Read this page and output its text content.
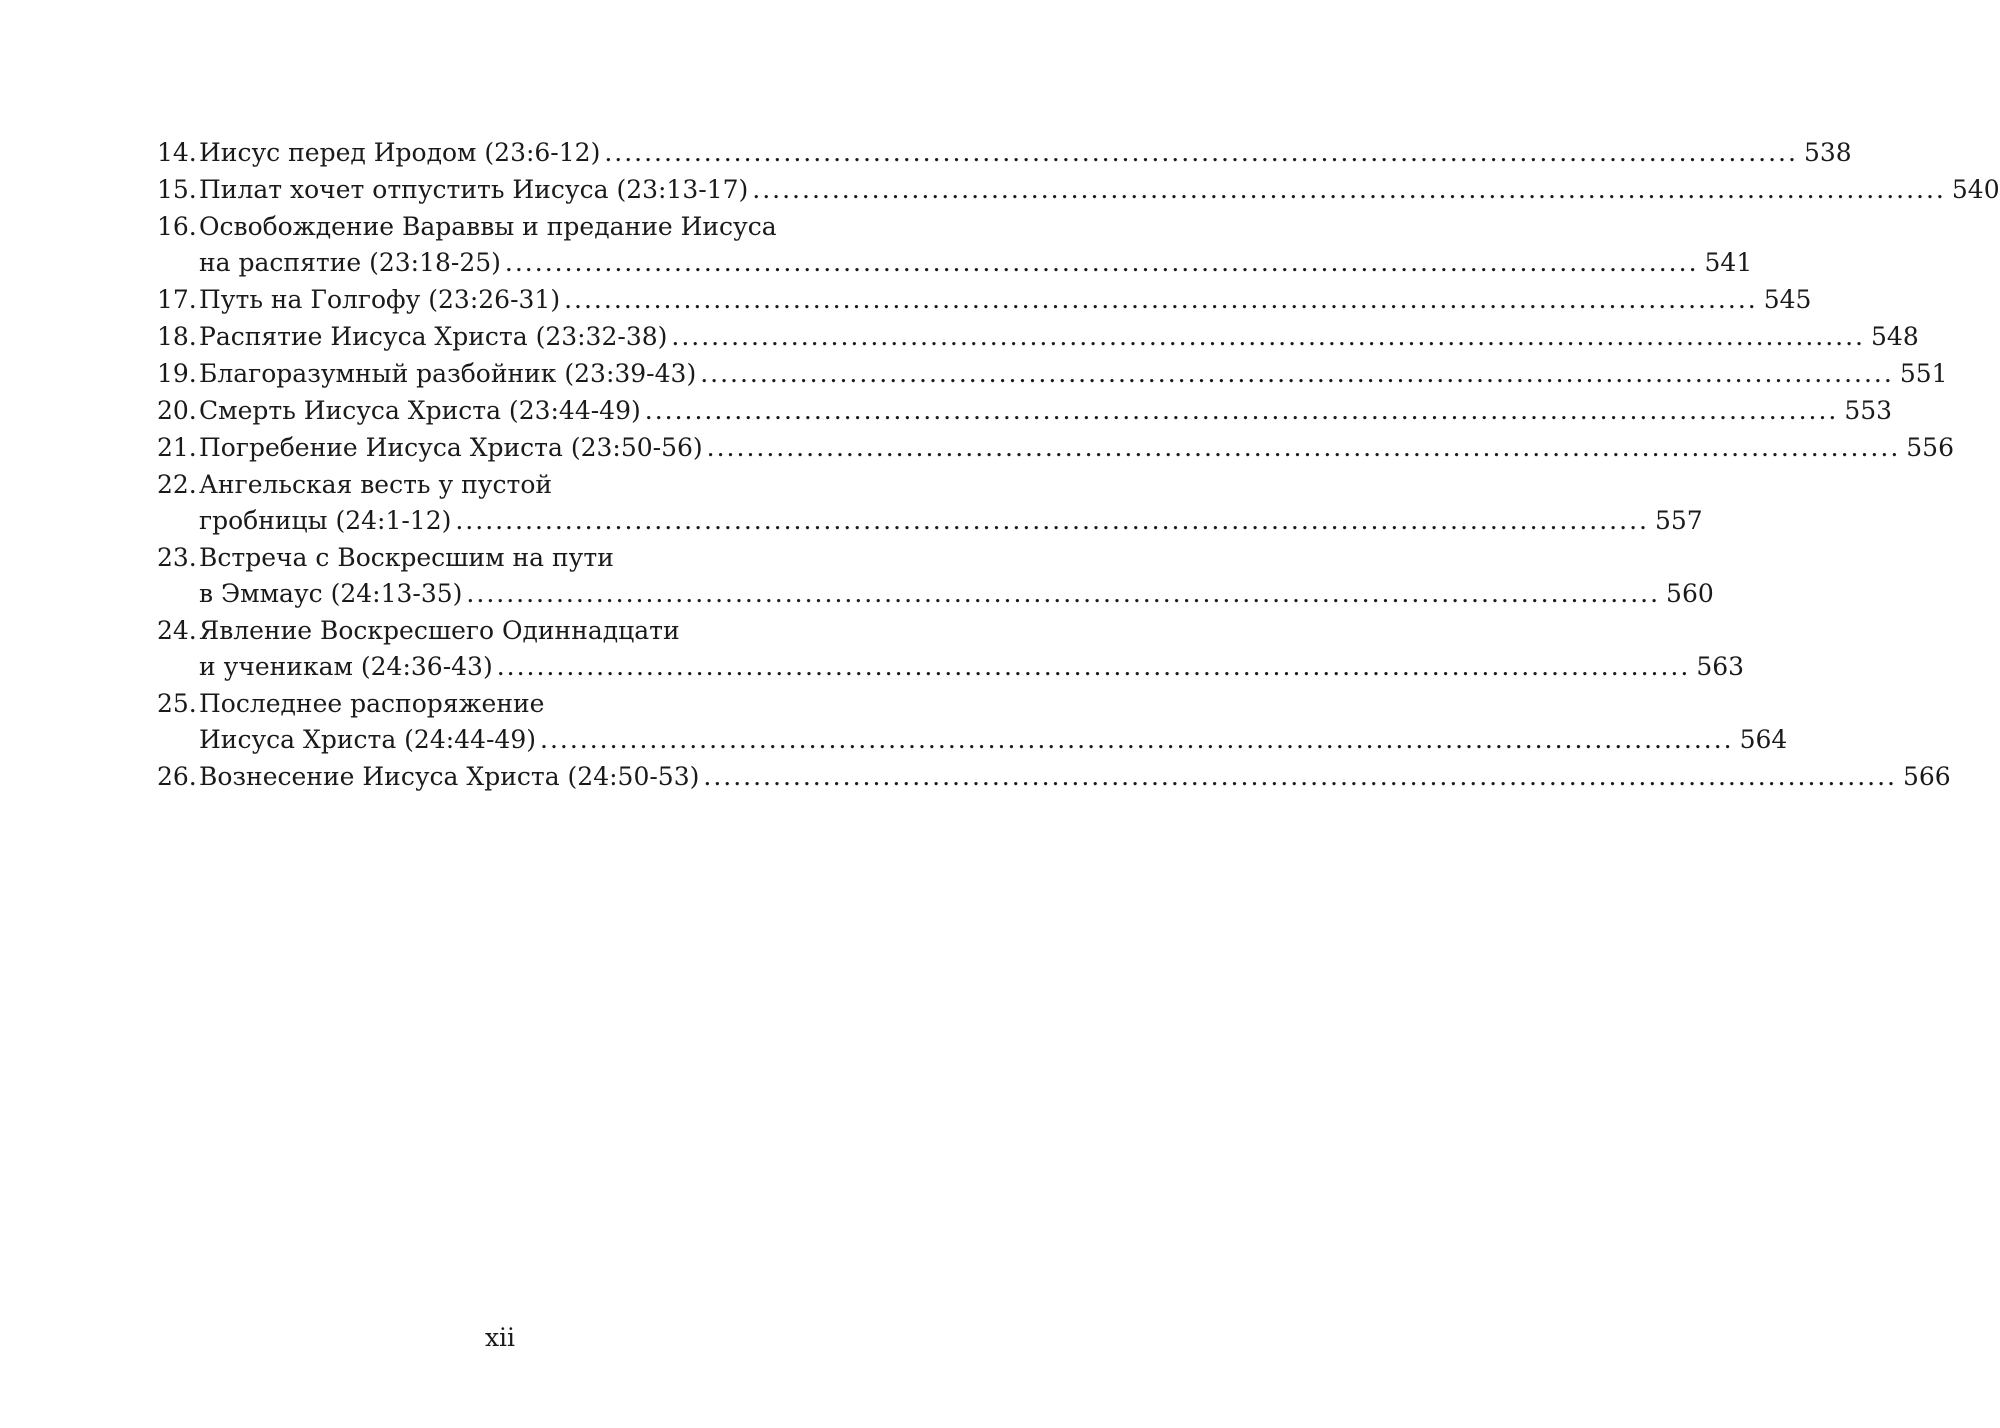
14. Иисус перед Иродом (23:6-12) ........................................................................................................................ 538
15. Пилат хочет отпустить Иисуса (23:13-17) ........................................................................................................................ 540
16. Освобождение Вараввы и предание Иисуса
на распятие (23:18-25) ........................................................................................................................ 541
17. Путь на Голгофу (23:26-31) ........................................................................................................................ 545
18. Распятие Иисуса Христа (23:32-38) ........................................................................................................................ 548
19. Благоразумный разбойник (23:39-43) ........................................................................................................................ 551
20. Смерть Иисуса Христа (23:44-49) ........................................................................................................................ 553
21. Погребение Иисуса Христа (23:50-56) ........................................................................................................................ 556
22. Ангельская весть у пустой
гробницы (24:1-12) ........................................................................................................................ 557
23. Встреча с Воскресшим на пути
в Эммаус (24:13-35) ........................................................................................................................ 560
24. Явление Воскресшего Одиннадцати
и ученикам (24:36-43) ........................................................................................................................ 563
25. Последнее распоряжение
Иисуса Христа (24:44-49) ........................................................................................................................ 564
26. Вознесение Иисуса Христа (24:50-53) ........................................................................................................................ 566
xii
